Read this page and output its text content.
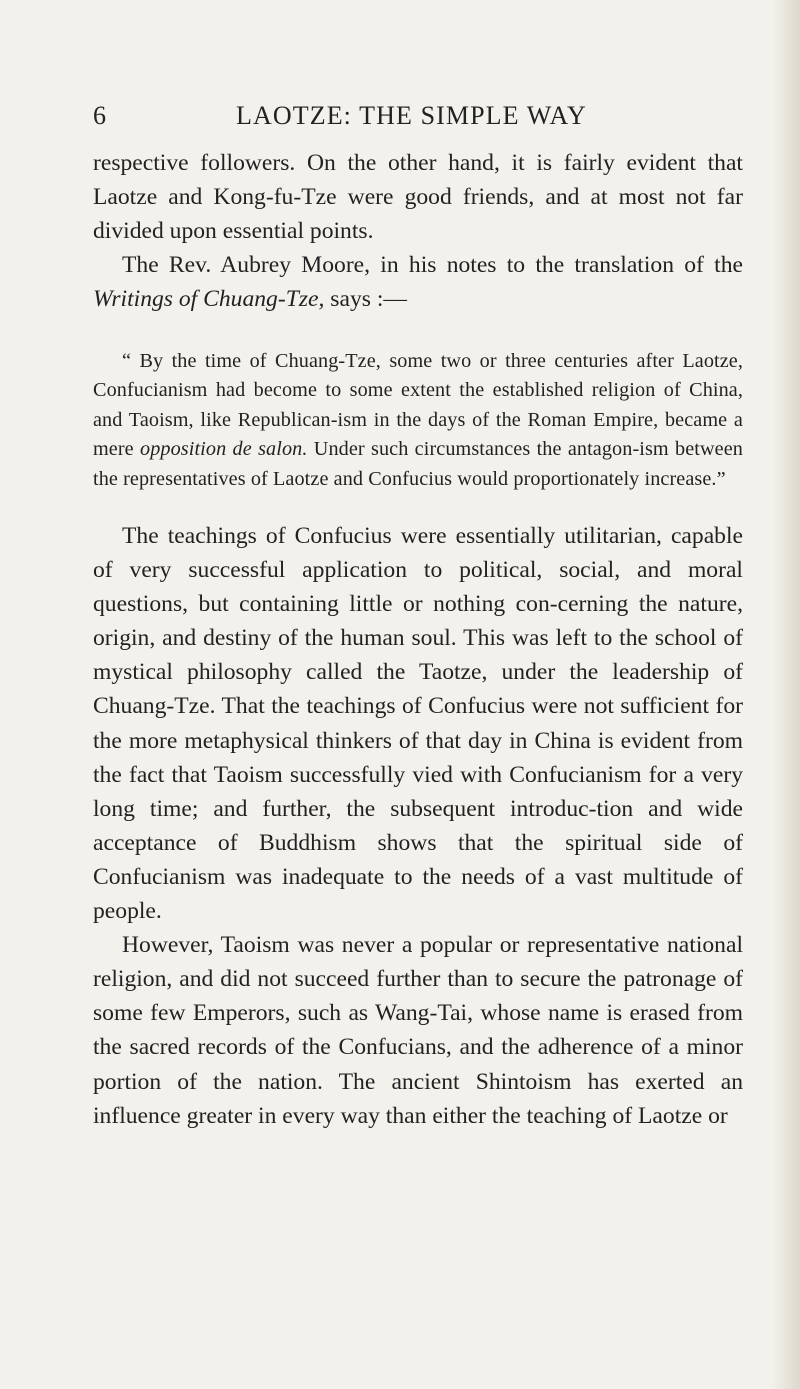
6	LAOTZE: THE SIMPLE WAY

respective followers. On the other hand, it is fairly evident that Laotze and Kong-fu-Tze were good friends, and at most not far divided upon essential points.

The Rev. Aubrey Moore, in his notes to the translation of the Writings of Chuang-Tze, says :—

“ By the time of Chuang-Tze, some two or three centuries after Laotze, Confucianism had become to some extent the established religion of China, and Taoism, like Republican-ism in the days of the Roman Empire, became a mere opposition de salon. Under such circumstances the antagon-ism between the representatives of Laotze and Confucius would proportionately increase.”

The teachings of Confucius were essentially utilitarian, capable of very successful application to political, social, and moral questions, but containing little or nothing con-cerning the nature, origin, and destiny of the human soul. This was left to the school of mystical philosophy called the Taotze, under the leadership of Chuang-Tze. That the teachings of Confucius were not sufficient for the more metaphysical thinkers of that day in China is evident from the fact that Taoism successfully vied with Confucianism for a very long time; and further, the subsequent introduc-tion and wide acceptance of Buddhism shows that the spiritual side of Confucianism was inadequate to the needs of a vast multitude of people.

However, Taoism was never a popular or representative national religion, and did not succeed further than to secure the patronage of some few Emperors, such as Wang-Tai, whose name is erased from the sacred records of the Confucians, and the adherence of a minor portion of the nation. The ancient Shintoism has exerted an influence greater in every way than either the teaching of Laotze or
